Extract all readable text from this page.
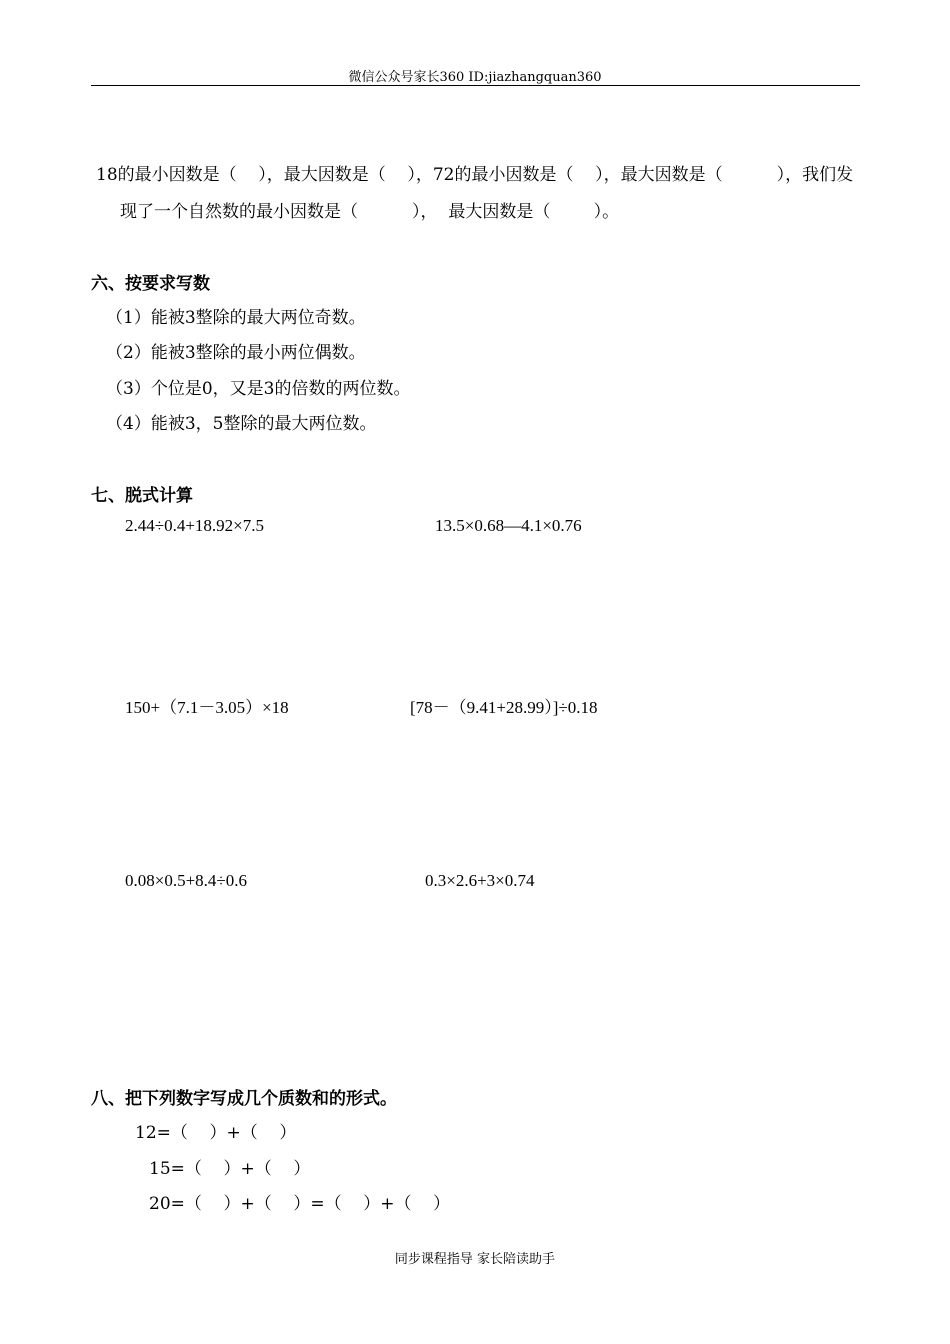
微信公众号家长360 ID:jiazhangquan360
18的最小因数是（    ），最大因数是（    ），72的最小因数是（    ），最大因数是（          ），我们发
现了一个自然数的最小因数是（          ），  最大因数是（        ）。
六、按要求写数
（1）能被3整除的最大两位奇数。
（2）能被3整除的最小两位偶数。
（3）个位是0，又是3的倍数的两位数。
（4）能被3，5整除的最大两位数。
七、脱式计算
2.44÷0.4+18.92×7.5	13.5×0.68—4.1×0.76
150+（7.1－3.05）×18	[78－（9.41+28.99）]÷0.18
0.08×0.5+8.4÷0.6	0.3×2.6+3×0.74
八、把下列数字写成几个质数和的形式。
12=（    ）+（    ）
15=（    ）+（    ）
20=（    ）+（    ）=（    ）+（    ）
同步课程指导 家长陪读助手
